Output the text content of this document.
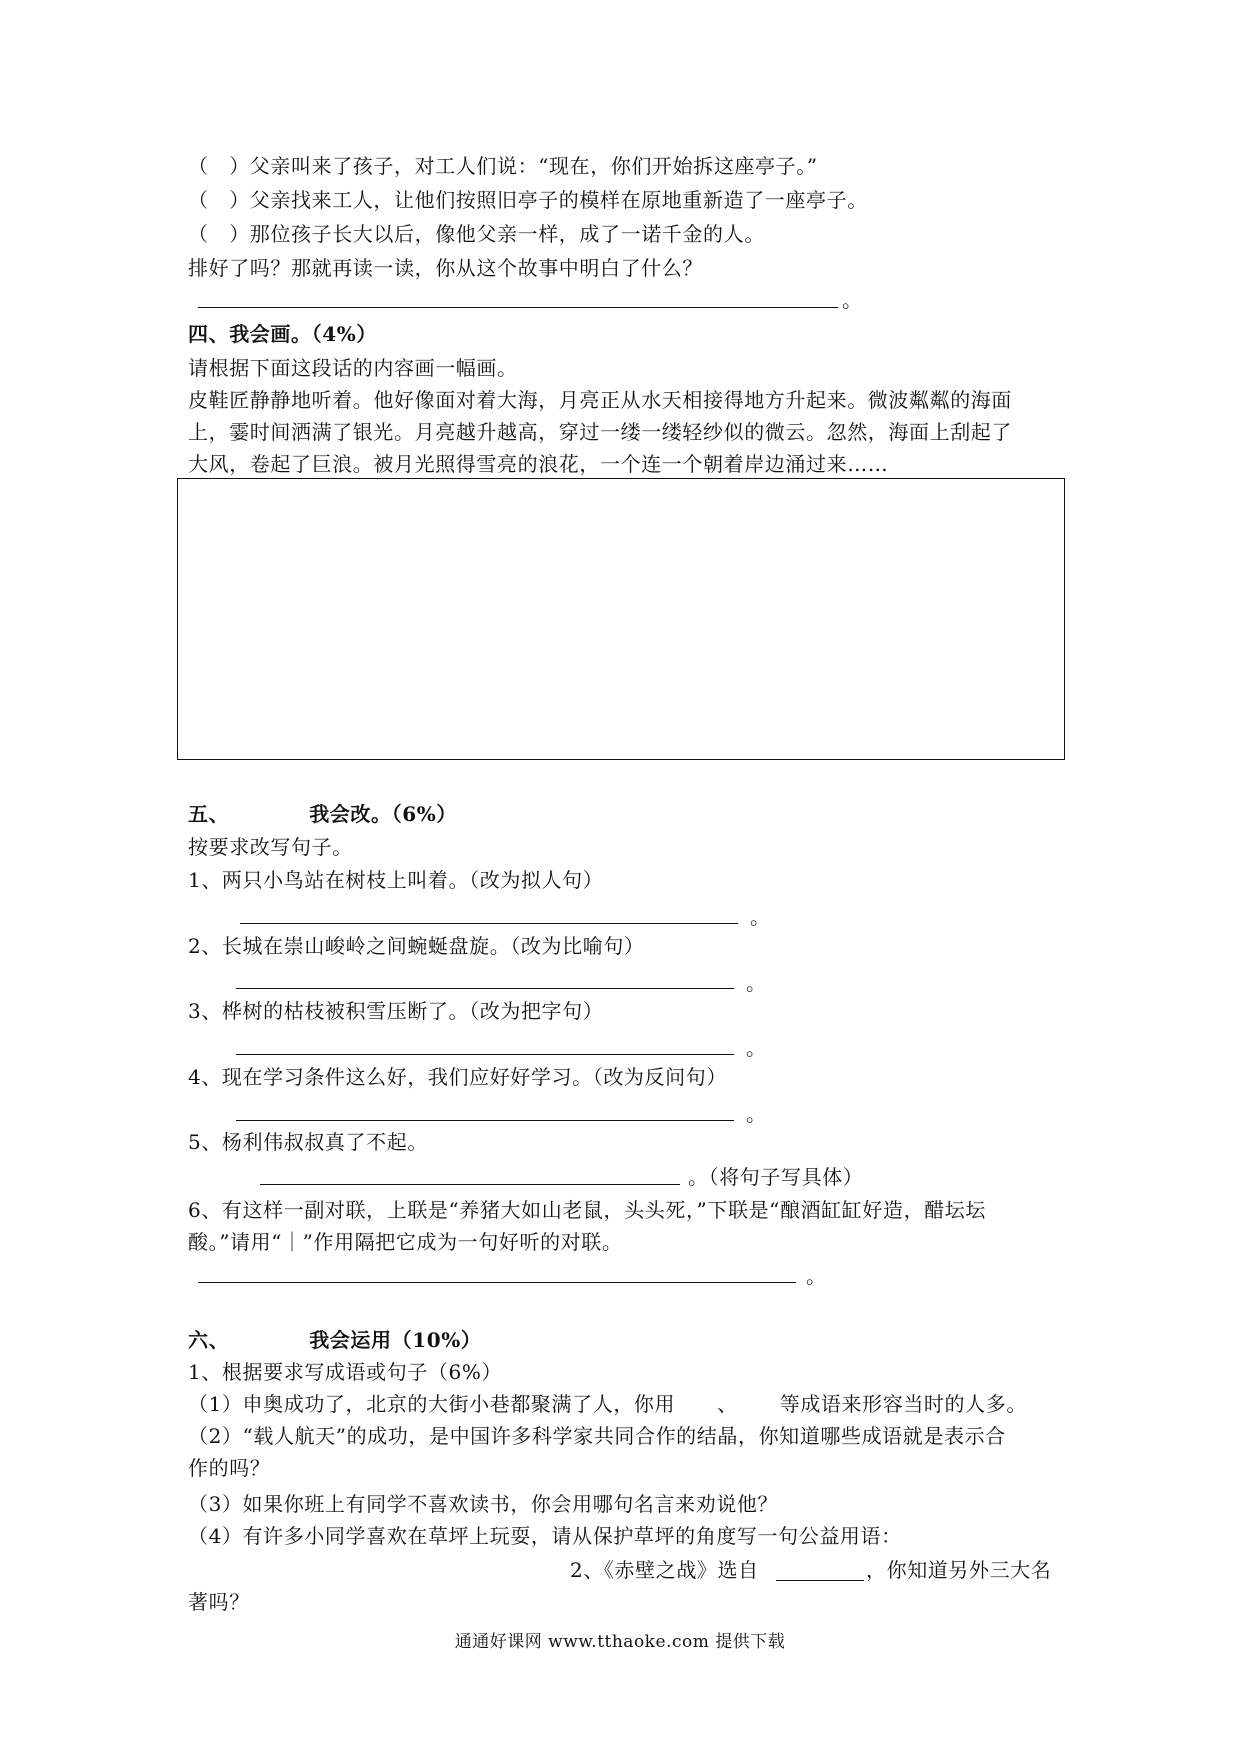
（　）父亲叫来了孩子，对工人们说：“现在，你们开始拆这座亭子。”
（　）父亲找来工人，让他们按照旧亭子的模样在原地重新造了一座亭子。
（　）那位孩子长大以后，像他父亲一样，成了一诺千金的人。
排好了吗？那就再读一读，你从这个故事中明白了什么？
。
四、我会画。（4%）
请根据下面这段话的内容画一幅画。
皮鞋匠静静地听着。他好像面对着大海，月亮正从水天相接得地方升起来。微波粼粼的海面
上，霎时间洒满了银光。月亮越升越高，穿过一缕一缕轻纱似的微云。忽然，海面上刮起了
大风，卷起了巨浪。被月光照得雪亮的浪花，一个连一个朝着岸边涌过来……
五、	我会改。（6%）
按要求改写句子。
1、两只小鸟站在树枝上叫着。（改为拟人句）
。
2、长城在崇山峻岭之间蜿蜒盘旋。（改为比喻句）
。
3、桦树的枯枝被积雪压断了。（改为把字句）
。
4、现在学习条件这么好，我们应好好学习。（改为反问句）
。
5、杨利伟叔叔真了不起。
。（将句子写具体）
6、有这样一副对联，上联是“养猪大如山老鼠，头头死，”下联是“酿酒缸缸好造，醋坛坛
酸。”请用“｜”作用隔把它成为一句好听的对联。
。
六、	我会运用（10%）
1、根据要求写成语或句子（6%）
（1）申奥成功了，北京的大街小巷都聚满了人，你用 、 等成语来形容当时的人多。
（2）“载人航天”的成功，是中国许多科学家共同合作的结晶，你知道哪些成语就是表示合
作的吗？
（3）如果你班上有同学不喜欢读书，你会用哪句名言来劝说他？
（4）有许多小同学喜欢在草坪上玩耍，请从保护草坪的角度写一句公益用语：
2、《赤壁之战》选自	，你知道另外三大名
著吗？
通通好课网 www.tthaoke.com 提供下载
